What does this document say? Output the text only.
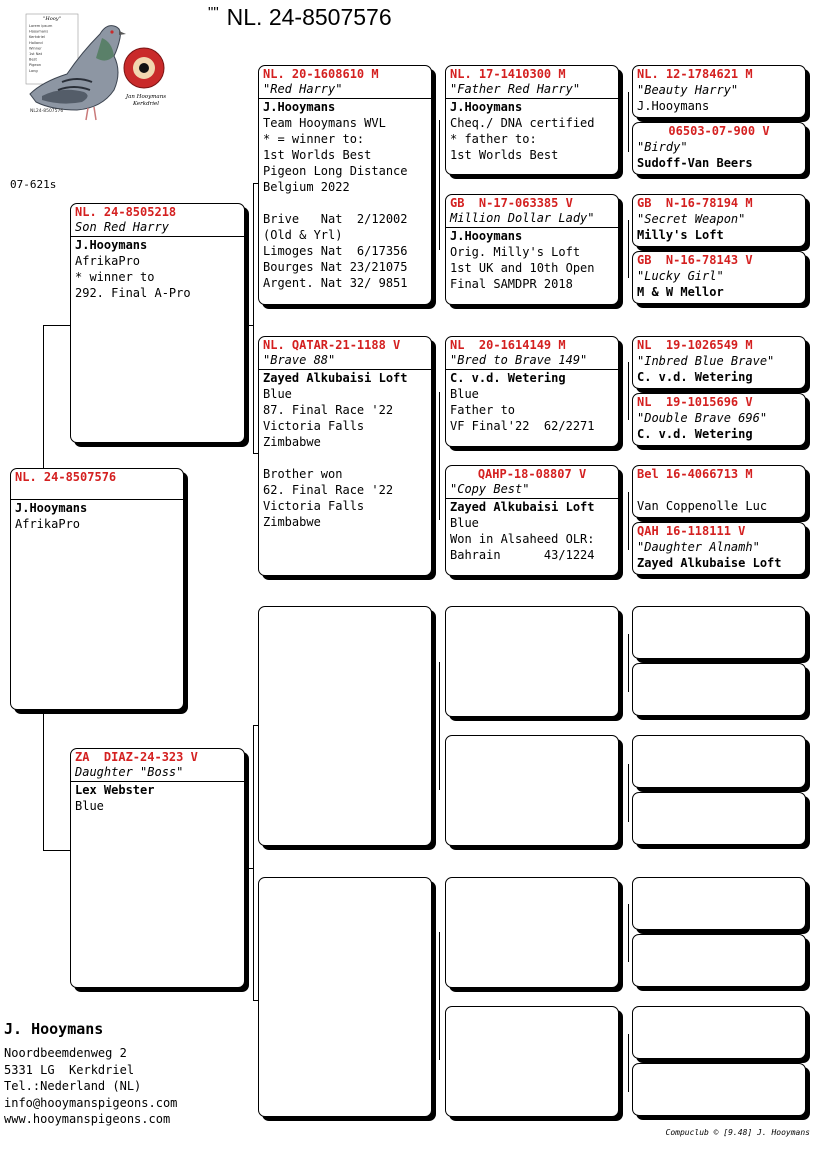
"" NL. 24-8507576
07-621s
"Hooy"
Lorem ipsum
Hooymans
Kerkdriel
Holland
Winner
1st Nat
Best
Pigeon
Long
Jan Hooymans
Kerkdriel
NL24-8507576
NL. 24-8507576
J.Hooymans
AfrikaPro
NL. 24-8505218
Son Red Harry
J.Hooymans
AfrikaPro
* winner to
292. Final A-Pro
ZA  DIAZ-24-323 V
Daughter "Boss"
Lex Webster
Blue
NL. 20-1608610 M
"Red Harry"
J.Hooymans
Team Hooymans WVL
* = winner to:
1st Worlds Best
Pigeon Long Distance
Belgium 2022

Brive   Nat  2/12002
(Old & Yrl)
Limoges Nat  6/17356
Bourges Nat 23/21075
Argent. Nat 32/ 9851
NL. QATAR-21-1188 V
"Brave 88"
Zayed Alkubaisi Loft
Blue
87. Final Race '22
Victoria Falls
Zimbabwe

Brother won
62. Final Race '22
Victoria Falls
Zimbabwe
NL. 17-1410300 M
"Father Red Harry"
J.Hooymans
Cheq./ DNA certified
* father to:
1st Worlds Best
GB  N-17-063385 V
Million Dollar Lady"
J.Hooymans
Orig. Milly's Loft
1st UK and 10th Open
Final SAMDPR 2018
NL  20-1614149 M
"Bred to Brave 149"
C. v.d. Wetering
Blue
Father to
VF Final'22  62/2271
QAHP-18-08807 V
"Copy Best"
Zayed Alkubaisi Loft
Blue
Won in Alsaheed OLR:
Bahrain      43/1224
NL. 12-1784621 M
"Beauty Harry"
J.Hooymans
06503-07-900 V
"Birdy"
Sudoff-Van Beers
GB  N-16-78194 M
"Secret Weapon"
Milly's Loft
GB  N-16-78143 V
"Lucky Girl"
M & W Mellor
NL  19-1026549 M
"Inbred Blue Brave"
C. v.d. Wetering
NL  19-1015696 V
"Double Brave 696"
C. v.d. Wetering
Bel 16-4066713 M

Van Coppenolle Luc
QAH 16-118111 V
"Daughter Alnamh"
Zayed Alkubaise Loft
J. Hooymans
Noordbeemdenweg 2
5331 LG  Kerkdriel
Tel.:Nederland (NL)
info@hooymanspigeons.com
www.hooymanspigeons.com
Compuclub © [9.48] J. Hooymans
